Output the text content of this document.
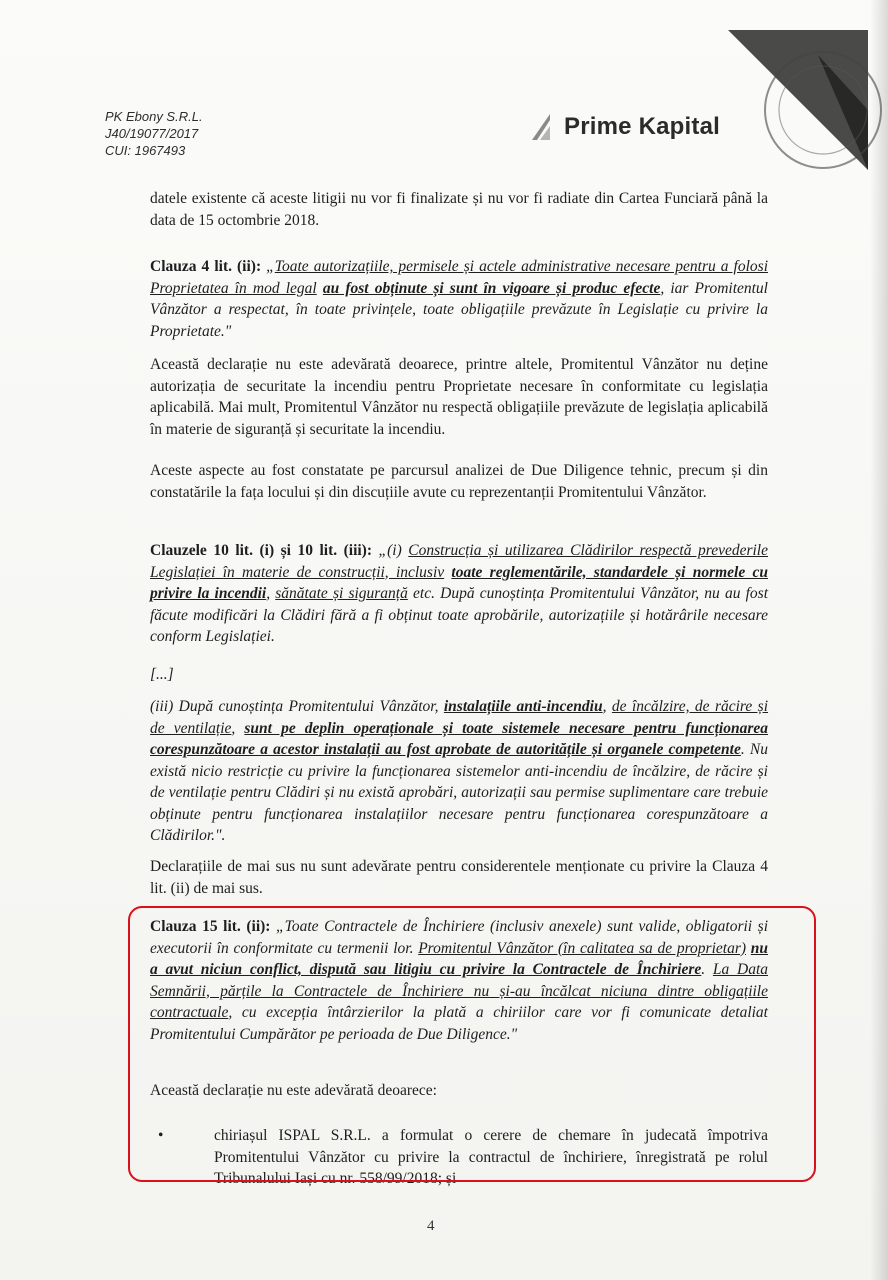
PK Ebony S.R.L.
J40/19077/2017
CUI: 1967493
Prime Kapital

datele existente că aceste litigii nu vor fi finalizate și nu vor fi radiate din Cartea Funciară până la data de 15 octombrie 2018.

Clauza 4 lit. (ii): „Toate autorizațiile, permisele și actele administrative necesare pentru a folosi Proprietatea în mod legal au fost obținute și sunt în vigoare și produc efecte, iar Promitentul Vânzător a respectat, în toate privințele, toate obligațiile prevăzute în Legislație cu privire la Proprietate."

Această declarație nu este adevărată deoarece, printre altele, Promitentul Vânzător nu deține autorizația de securitate la incendiu pentru Proprietate necesare în conformitate cu legislația aplicabilă. Mai mult, Promitentul Vânzător nu respectă obligațiile prevăzute de legislația aplicabilă în materie de siguranță și securitate la incendiu.

Aceste aspecte au fost constatate pe parcursul analizei de Due Diligence tehnic, precum și din constatările la fața locului și din discuțiile avute cu reprezentanții Promitentului Vânzător.

Clauzele 10 lit. (i) și 10 lit. (iii): „(i) Construcția și utilizarea Clădirilor respectă prevederile Legislației în materie de construcții, inclusiv toate reglementările, standardele și normele cu privire la incendii, sănătate și siguranță etc. După cunoștința Promitentului Vânzător, nu au fost făcute modificări la Clădiri fără a fi obținut toate aprobările, autorizațiile și hotărârile necesare conform Legislației.

[...]

(iii) După cunoștința Promitentului Vânzător, instalațiile anti-incendiu, de încălzire, de răcire și de ventilație, sunt pe deplin operaționale și toate sistemele necesare pentru funcționarea corespunzătoare a acestor instalații au fost aprobate de autoritățile și organele competente. Nu există nicio restricție cu privire la funcționarea sistemelor anti-incendiu de încălzire, de răcire și de ventilație pentru Clădiri și nu există aprobări, autorizații sau permise suplimentare care trebuie obținute pentru funcționarea instalațiilor necesare pentru funcționarea corespunzătoare a Clădirilor.".

Declarațiile de mai sus nu sunt adevărate pentru considerentele menționate cu privire la Clauza 4 lit. (ii) de mai sus.

Clauza 15 lit. (ii): „Toate Contractele de Închiriere (inclusiv anexele) sunt valide, obligatorii și executorii în conformitate cu termenii lor. Promitentul Vânzător (în calitatea sa de proprietar) nu a avut niciun conflict, dispută sau litigiu cu privire la Contractele de Închiriere. La Data Semnării, părțile la Contractele de Închiriere nu și-au încălcat niciuna dintre obligațiile contractuale, cu excepția întârzierilor la plată a chiriilor care vor fi comunicate detaliat Promitentului Cumpărător pe perioada de Due Diligence."

Această declarație nu este adevărată deoarece:

•	chiriașul ISPAL S.R.L. a formulat o cerere de chemare în judecată împotriva Promitentului Vânzător cu privire la contractul de închiriere, înregistrată pe rolul Tribunalului Iași cu nr. 558/99/2018; și
4
